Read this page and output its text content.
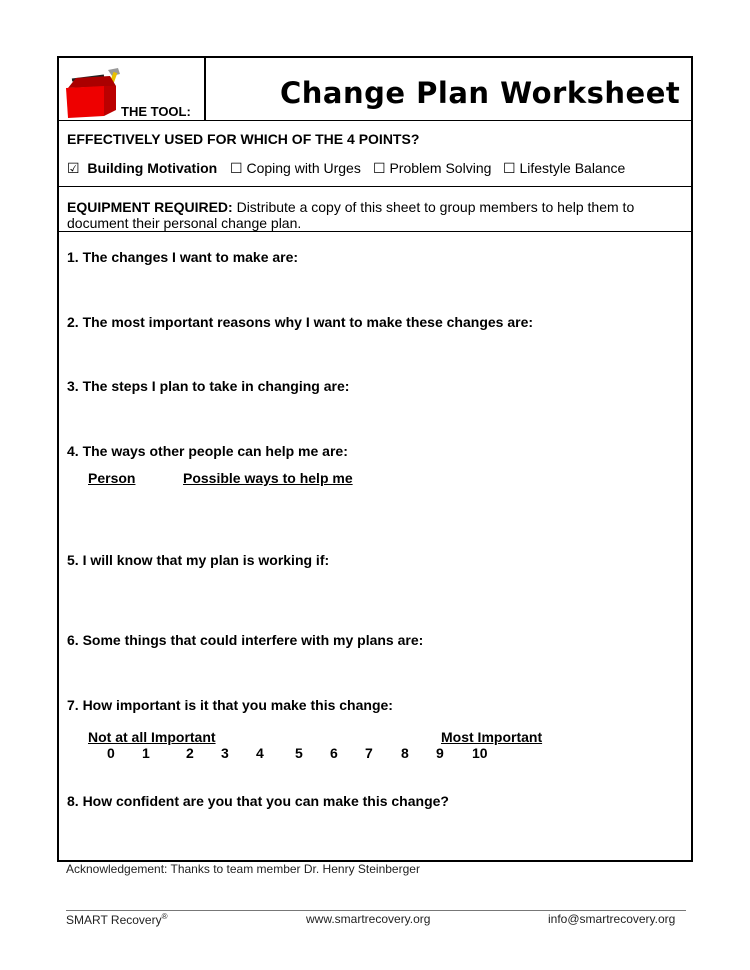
THE TOOL:
Change Plan Worksheet
EFFECTIVELY USED FOR WHICH OF THE 4 POINTS?
☑ Building Motivation ☐ Coping with Urges ☐ Problem Solving ☐ Lifestyle Balance
EQUIPMENT REQUIRED: Distribute a copy of this sheet to group members to help them to
document their personal change plan.
1. The changes I want to make are:
2. The most important reasons why I want to make these changes are:
3. The steps I plan to take in changing are:
4. The ways other people can help me are:
Person	Possible ways to help me
5. I will know that my plan is working if:
6. Some things that could interfere with my plans are:
7. How important is it that you make this change:
Not at all Important	Most Important
0 1	2 3 4 5 6 7 8 9 10
8. How confident are you that you can make this change?
Acknowledgement: Thanks to team member Dr. Henry Steinberger
SMART Recovery®	www.smartrecovery.org	info@smartrecovery.org
